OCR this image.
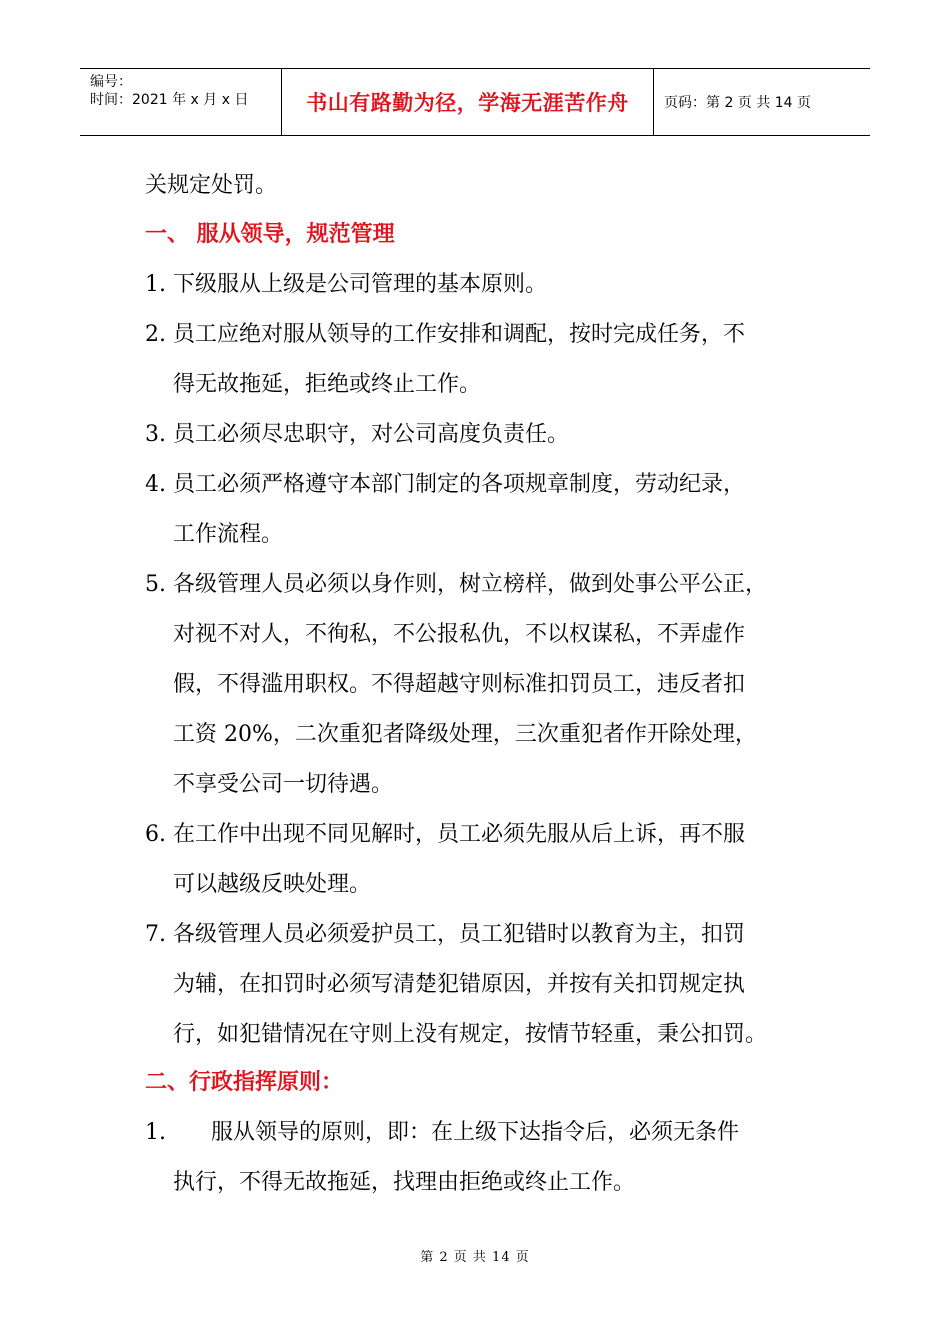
编号：
时间：2021 年 x 月 x 日	书山有路勤为径，学海无涯苦作舟	页码：第 2 页 共 14 页
关规定处罚。
一、 服从领导，规范管理
1. 下级服从上级是公司管理的基本原则。
2. 员工应绝对服从领导的工作安排和调配，按时完成任务，不
得无故拖延，拒绝或终止工作。
3. 员工必须尽忠职守，对公司高度负责任。
4. 员工必须严格遵守本部门制定的各项规章制度，劳动纪录，
工作流程。
5. 各级管理人员必须以身作则，树立榜样，做到处事公平公正，
对视不对人，不徇私，不公报私仇，不以权谋私，不弄虚作
假，不得滥用职权。不得超越守则标准扣罚员工，违反者扣
工资 20%，二次重犯者降级处理，三次重犯者作开除处理，
不享受公司一切待遇。
6. 在工作中出现不同见解时，员工必须先服从后上诉，再不服
可以越级反映处理。
7. 各级管理人员必须爱护员工，员工犯错时以教育为主，扣罚
为辅，在扣罚时必须写清楚犯错原因，并按有关扣罚规定执
行，如犯错情况在守则上没有规定，按情节轻重，秉公扣罚。
二、行政指挥原则：
1. 服从领导的原则，即：在上级下达指令后，必须无条件
执行，不得无故拖延，找理由拒绝或终止工作。
第 2 页 共 14 页
